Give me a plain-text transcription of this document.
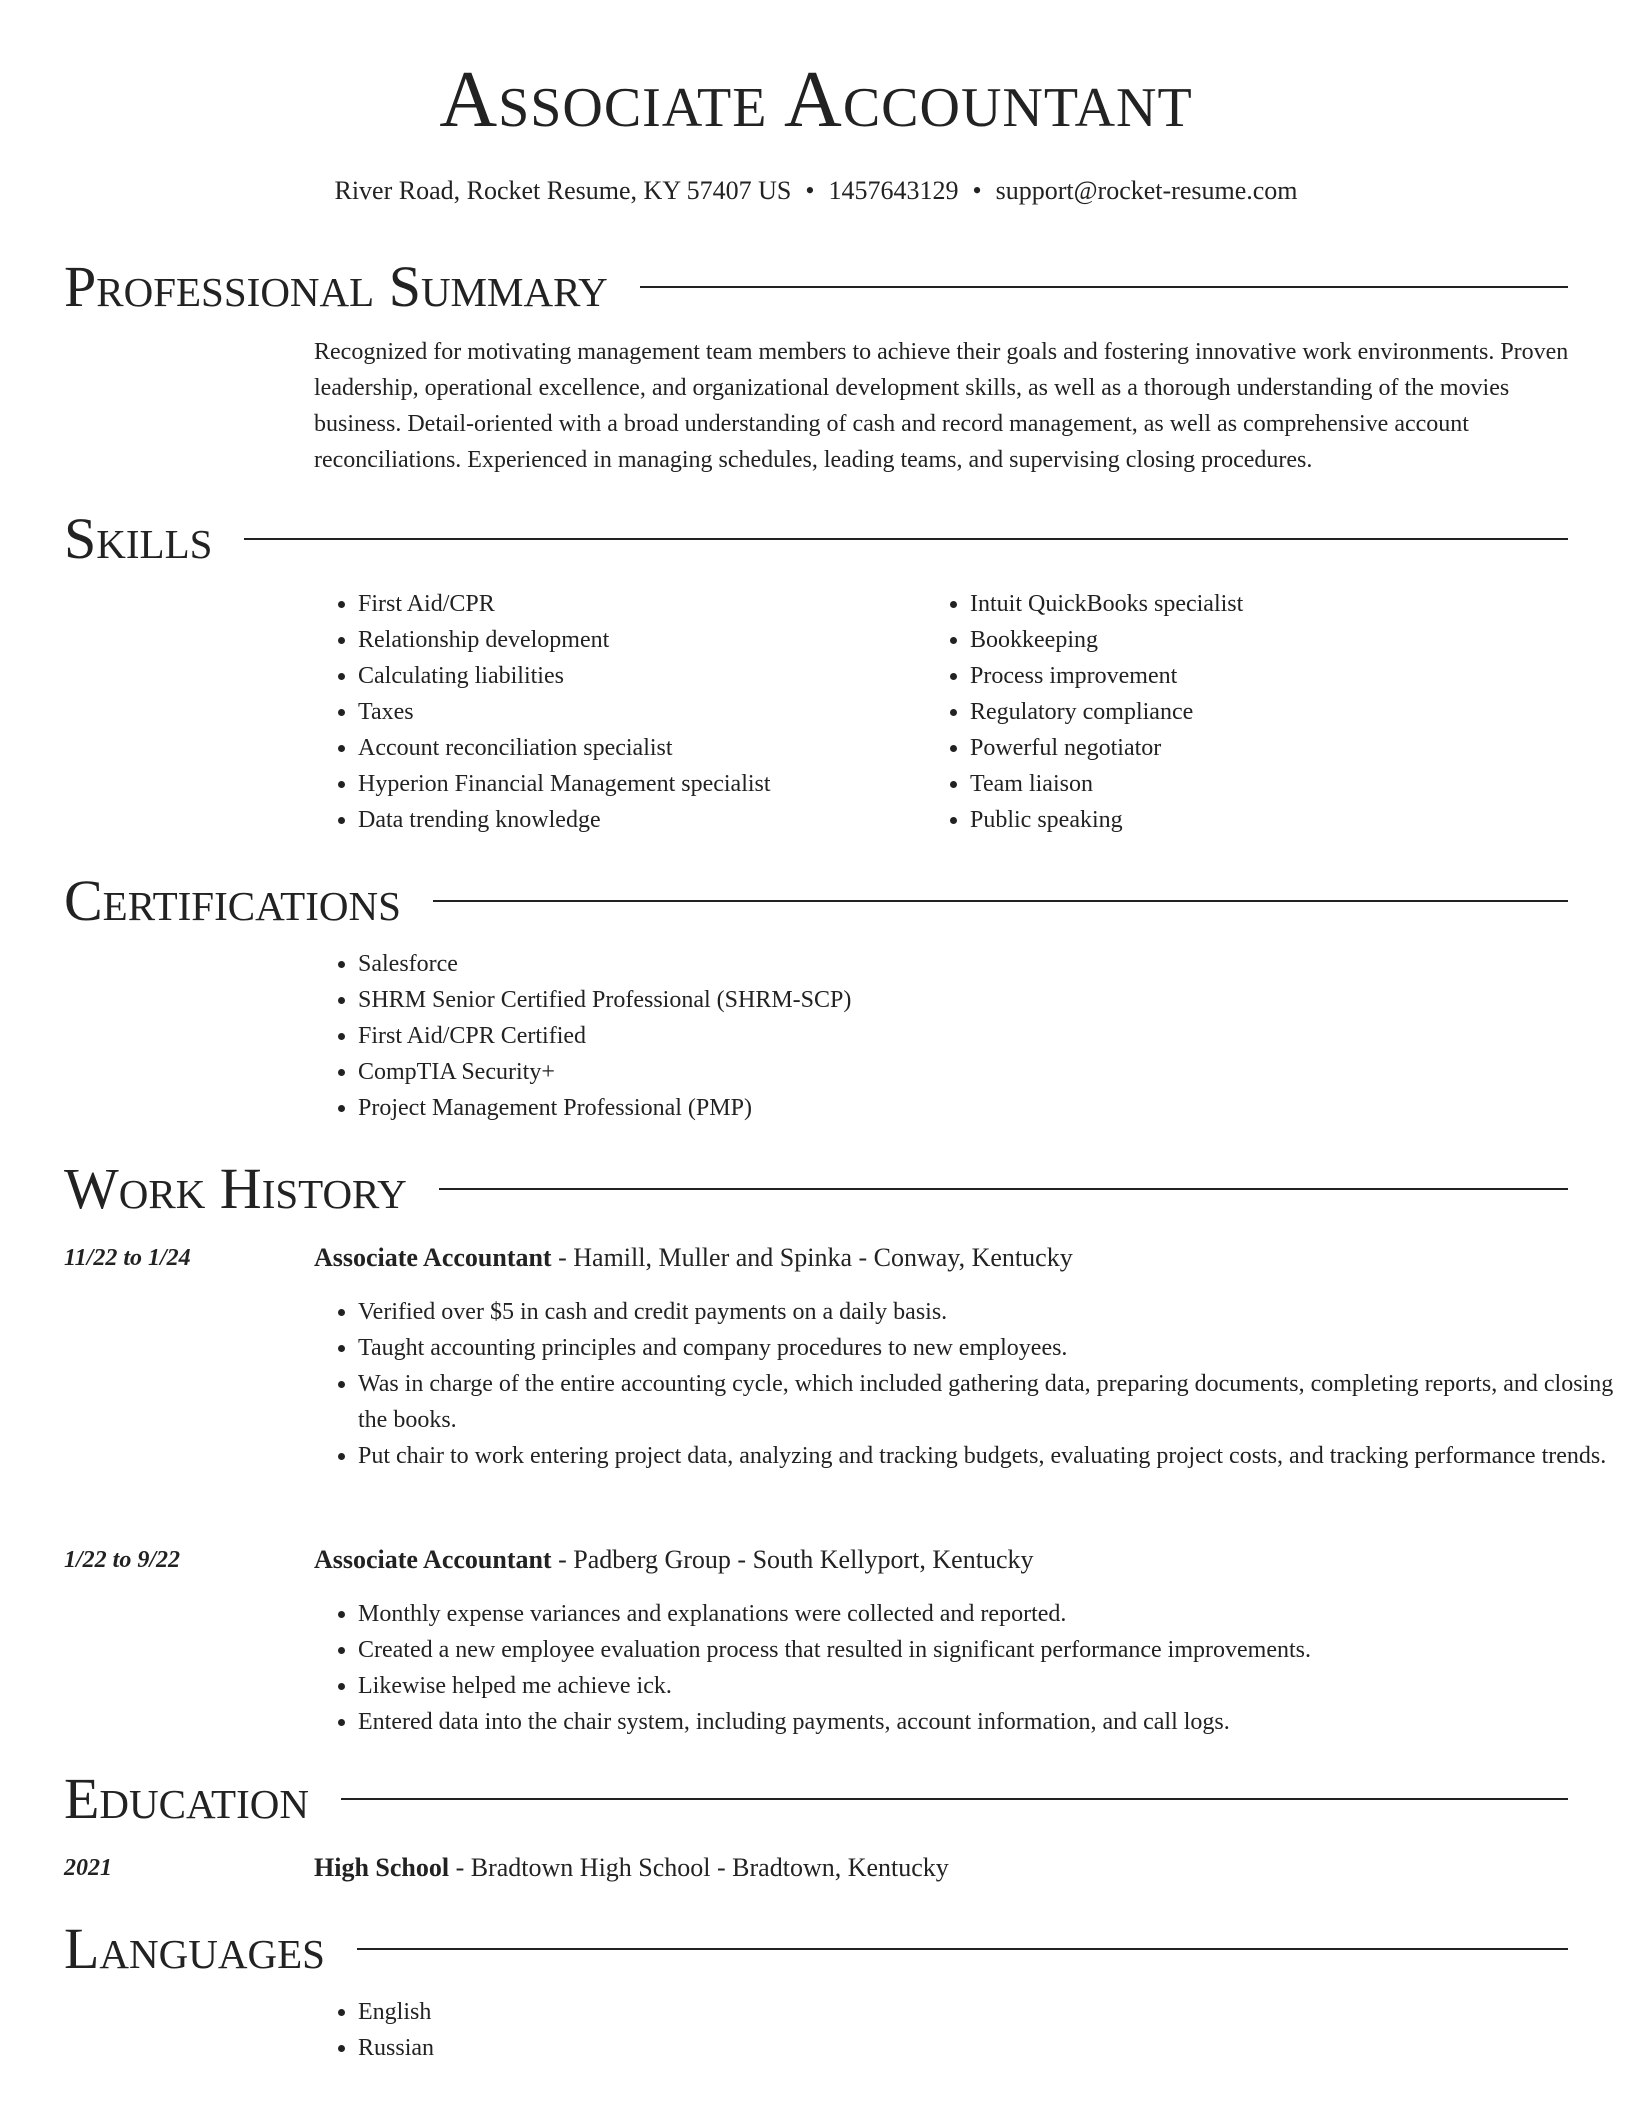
Associate Accountant
River Road, Rocket Resume, KY 57407 US • 1457643129 • support@rocket-resume.com
Professional Summary
Recognized for motivating management team members to achieve their goals and fostering innovative work environments. Proven leadership, operational excellence, and organizational development skills, as well as a thorough understanding of the movies business. Detail-oriented with a broad understanding of cash and record management, as well as comprehensive account reconciliations. Experienced in managing schedules, leading teams, and supervising closing procedures.
Skills
• First Aid/CPR
• Relationship development
• Calculating liabilities
• Taxes
• Account reconciliation specialist
• Hyperion Financial Management specialist
• Data trending knowledge
• Intuit QuickBooks specialist
• Bookkeeping
• Process improvement
• Regulatory compliance
• Powerful negotiator
• Team liaison
• Public speaking
Certifications
• Salesforce
• SHRM Senior Certified Professional (SHRM-SCP)
• First Aid/CPR Certified
• CompTIA Security+
• Project Management Professional (PMP)
Work History
11/22 to 1/24	Associate Accountant - Hamill, Muller and Spinka - Conway, Kentucky
• Verified over $5 in cash and credit payments on a daily basis.
• Taught accounting principles and company procedures to new employees.
• Was in charge of the entire accounting cycle, which included gathering data, preparing documents, completing reports, and closing the books.
• Put chair to work entering project data, analyzing and tracking budgets, evaluating project costs, and tracking performance trends.
1/22 to 9/22	Associate Accountant - Padberg Group - South Kellyport, Kentucky
• Monthly expense variances and explanations were collected and reported.
• Created a new employee evaluation process that resulted in significant performance improvements.
• Likewise helped me achieve ick.
• Entered data into the chair system, including payments, account information, and call logs.
Education
2021	High School - Bradtown High School - Bradtown, Kentucky
Languages
• English
• Russian
